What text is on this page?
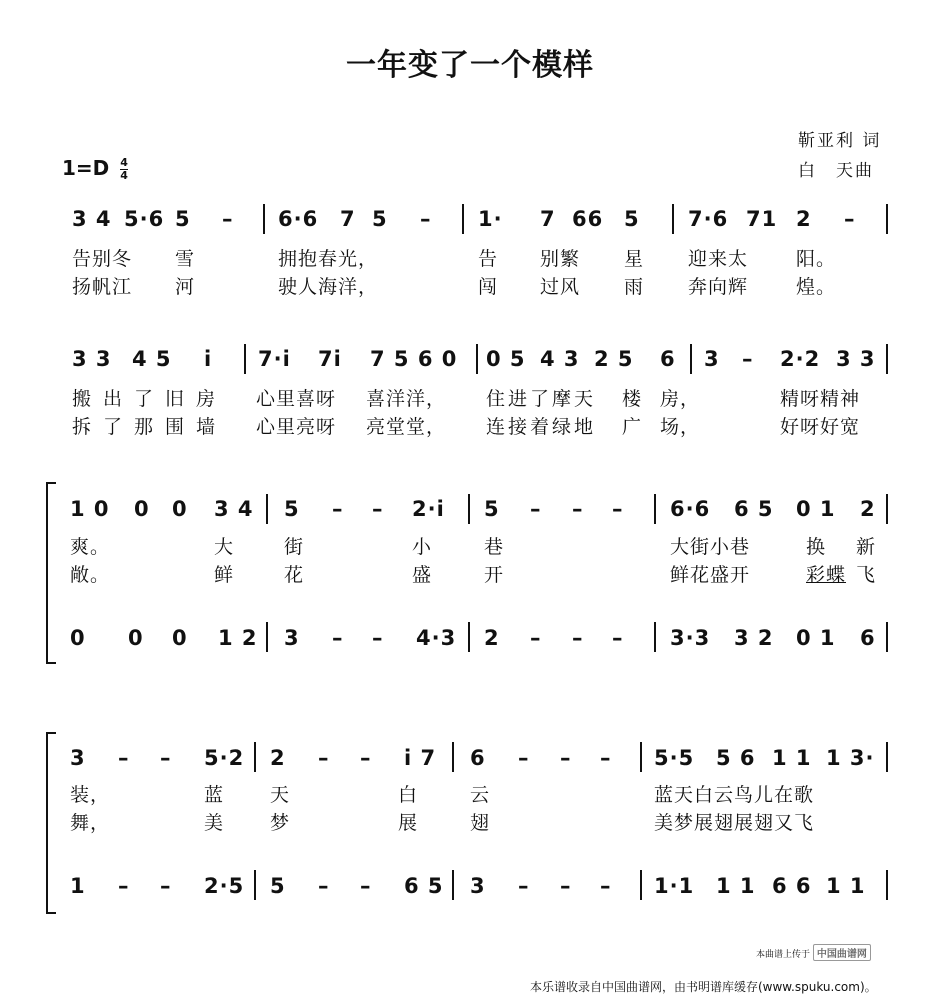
一年变了一个模样
靳亚利 词
白　天曲
$1=D \frac{4}{4}$
3 4 5·6 5 – 6·6 7 5 – 1· 7 66 5 7·6 71 2 –
告别冬 雪	拥抱春光，	告 别繁 星 迎来太	阳。
扬帆江 河	驶人海洋，	闯 过风 雨 奔向辉	煌。
3 3 4 5 i 7·i 7i 7 5 6 0 0 5 4 3 2 5 6 3 – 2·2 3 3
搬出了旧房 心里喜呀 喜洋洋， 住进了摩天 楼 房，	精呀精神
拆了那围墙 心里亮呀 亮堂堂， 连接着绿地 广 场，	好呀好宽
1 0 0 0 3 4 5 – – 2·i 5 – – – 6·6 6 5 0 1 2
爽。	大	街	小	巷	大街小巷	换 新
敞。	鲜	花	盛	开	鲜花盛开	彩蝶 飞
0 0 0 1 2 3 – – 4·3 2 – – – 3·3 3 2 0 1 6
3 – – 5·2 2 – – i 7 6 – – – 5·5 5 6 1 1 1 3·
装，	蓝 天	白	云	蓝天白云鸟儿在歌
舞，	美 梦	展	翅	美梦展翅展翅又飞
1 – – 2·5 5 – – 6 5 3 – – – 1·1 1 1 6 6 1 1
本曲谱上传于 中国曲谱网
本乐谱收录自中国曲谱网，由书明谱库缓存(www.spuku.com)。
